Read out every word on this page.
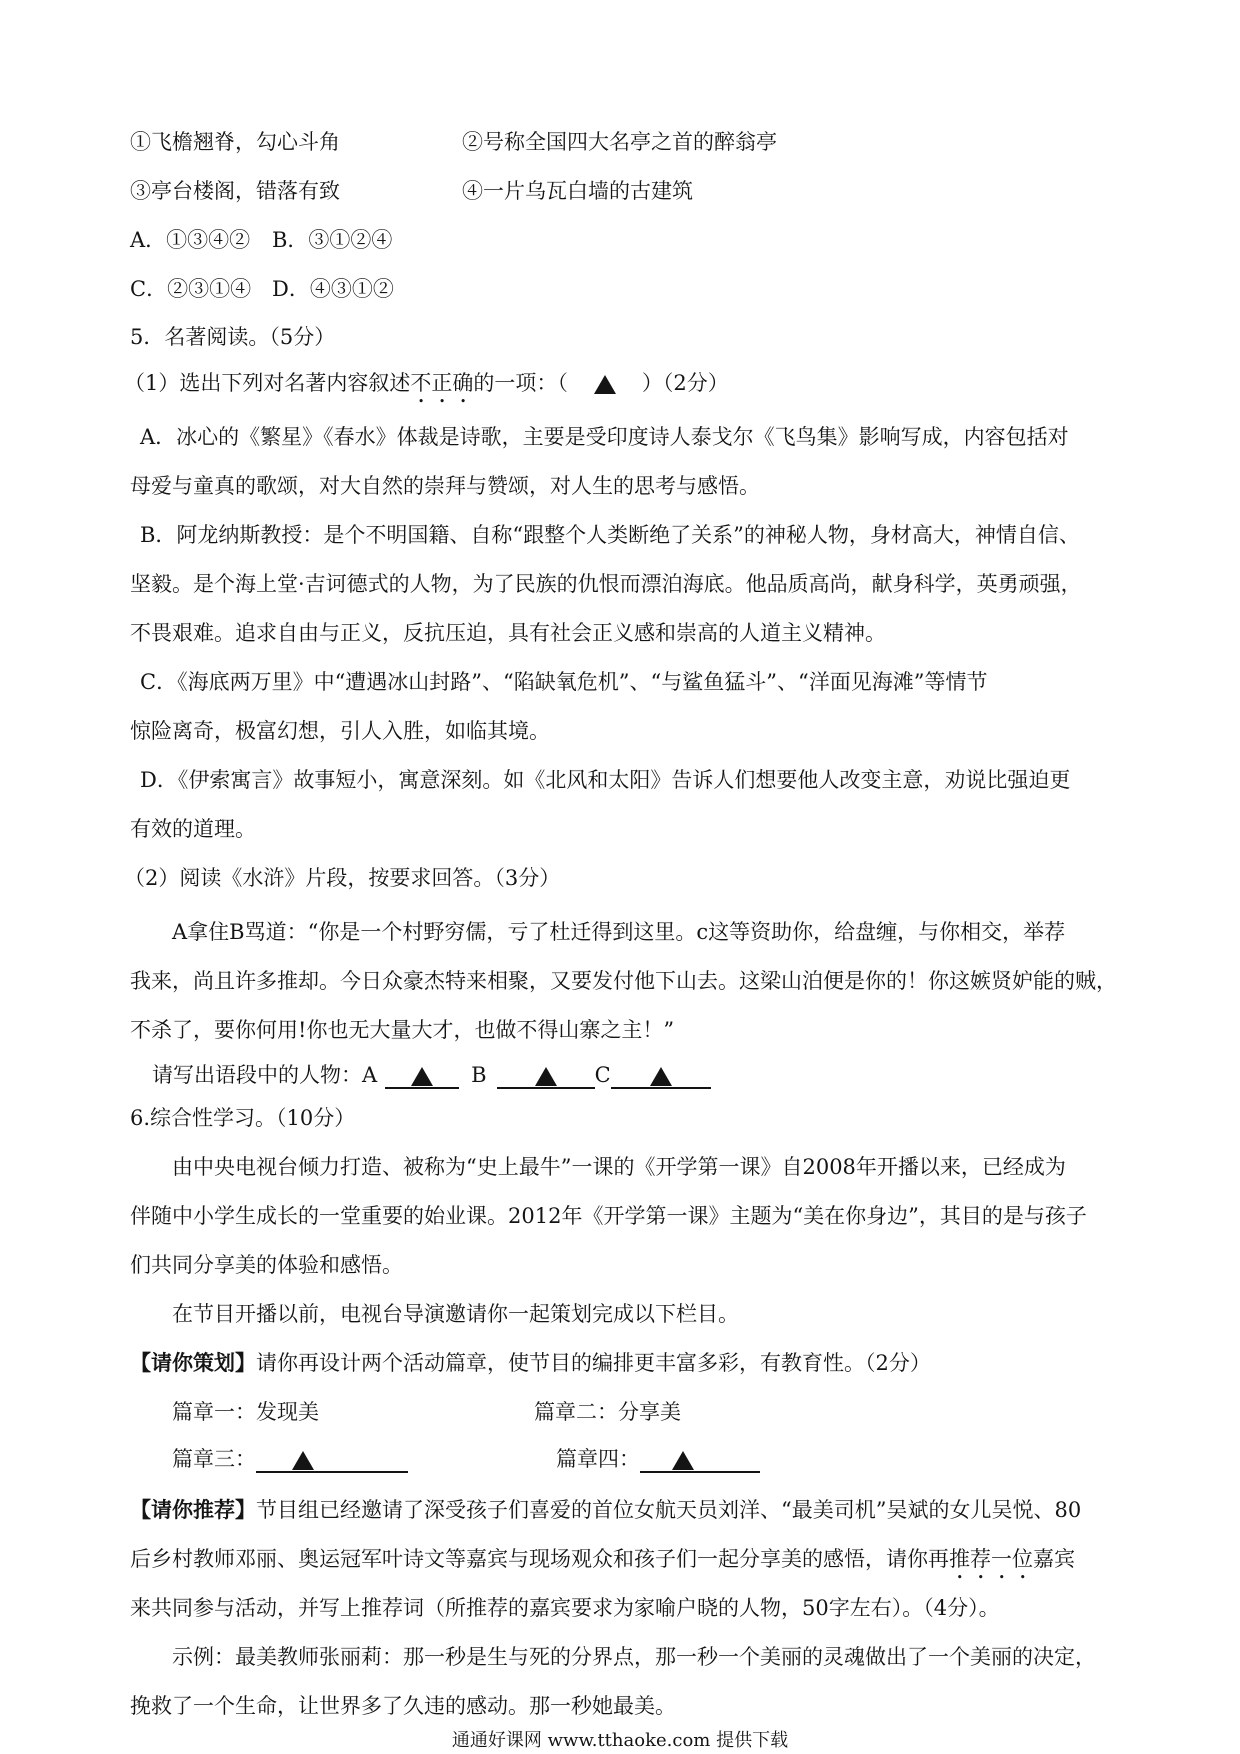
①飞檐翘脊，勾心斗角	②号称全国四大名亭之首的醉翁亭
③亭台楼阁，错落有致	④一片乌瓦白墙的古建筑
A．①③④② B．③①②④
C．②③①④ D．④③①②
5．名著阅读。（5分）
（1）选出下列对名著内容叙述不正确的一项：（	）（2分）
A．冰心的《繁星》《春水》体裁是诗歌，主要是受印度诗人泰戈尔《飞鸟集》影响写成，内容包括对
母爱与童真的歌颂，对大自然的崇拜与赞颂，对人生的思考与感悟。
B．阿龙纳斯教授：是个不明国籍、自称“跟整个人类断绝了关系”的神秘人物，身材高大，神情自信、
坚毅。是个海上堂·吉诃德式的人物，为了民族的仇恨而漂泊海底。他品质高尚，献身科学，英勇顽强，
不畏艰难。追求自由与正义，反抗压迫，具有社会正义感和崇高的人道主义精神。
C．《海底两万里》中“遭遇冰山封路”、“陷缺氧危机”、“与鲨鱼猛斗”、“洋面见海滩”等情节
惊险离奇，极富幻想，引人入胜，如临其境。
D．《伊索寓言》故事短小，寓意深刻。如《北风和太阳》告诉人们想要他人改变主意，劝说比强迫更
有效的道理。
（2）阅读《水浒》片段，按要求回答。（3分）
A拿住B骂道：“你是一个村野穷儒，亏了杜迁得到这里。c这等资助你，给盘缠，与你相交，举荐
我来，尚且许多推却。今日众豪杰特来相聚，又要发付他下山去。这梁山泊便是你的！你这嫉贤妒能的贼，
不杀了，要你何用!你也无大量大才，也做不得山寨之主！”
请写出语段中的人物：A	B	C
6.综合性学习。（10分）
由中央电视台倾力打造、被称为“史上最牛”一课的《开学第一课》自2008年开播以来，已经成为
伴随中小学生成长的一堂重要的始业课。2012年《开学第一课》主题为“美在你身边”，其目的是与孩子
们共同分享美的体验和感悟。
在节目开播以前，电视台导演邀请你一起策划完成以下栏目。
【请你策划】请你再设计两个活动篇章，使节目的编排更丰富多彩，有教育性。（2分）
篇章一：发现美	篇章二：分享美
篇章三：	篇章四：
【请你推荐】节目组已经邀请了深受孩子们喜爱的首位女航天员刘洋、“最美司机”吴斌的女儿吴悦、80
后乡村教师邓丽、奥运冠军叶诗文等嘉宾与现场观众和孩子们一起分享美的感悟，请你再推荐一位嘉宾
来共同参与活动，并写上推荐词（所推荐的嘉宾要求为家喻户晓的人物，50字左右）。（4分）。
示例：最美教师张丽莉：那一秒是生与死的分界点，那一秒一个美丽的灵魂做出了一个美丽的决定，
挽救了一个生命，让世界多了久违的感动。那一秒她最美。
通通好课网 www.tthaoke.com 提供下载
